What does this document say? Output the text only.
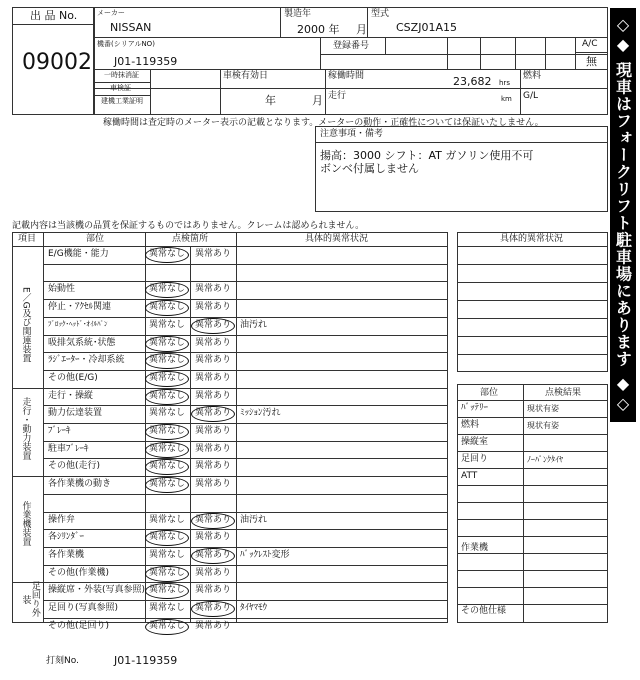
出 品 No.
09002
メーカー
NISSAN
製造年
2000 年 月
型式
CSZJ01A15
機番(シリアルNO)
J01-119359
登録番号	A/C
無
一時抹消証
車検証
建機工業証明
車検有効日
年	月
稼働時間	23,682 hrs
走行	km
燃料
G/L
稼働時間は査定時のメーター表示の記載となります。メーターの動作・正確性については保証いたしません。
注意事項・備考
揚高：3000 シフト：AT ガソリン使用不可
ボンベ付属しません
記載内容は当該機の品質を保証するものではありません。クレームは認められません。	◇◆ 現車はフォークリフト駐車場にあります ◆◇
項目	部位	点検箇所	具体的異常状況
E／G及び関連装置
走行・動力装置
作業機装置
足回り外装
E/G機能・能力	異常なし 異常あり
始動性	異常なし 異常あり
停止・ｱｸｾﾙ関連	異常なし 異常あり
ﾌﾞﾛｯｸ･ﾍｯﾄﾞ･ｵｲﾙﾊﾟﾝ	異常なし 異常あり 油汚れ
吸排気系統･状態	異常なし 異常あり
ﾗｼﾞｴｰﾀｰ・冷却系統	異常なし 異常あり
その他(E/G)	異常なし 異常あり
走行・操縦	異常なし 異常あり
動力伝達装置	異常なし 異常あり ﾐｯｼｮﾝ汚れ
ﾌﾞﾚｰｷ	異常なし 異常あり
駐車ﾌﾞﾚｰｷ	異常なし 異常あり
その他(走行)	異常なし 異常あり
各作業機の動き	異常なし 異常あり
操作弁	異常なし 異常あり 油汚れ
各ｼﾘﾝﾀﾞｰ	異常なし 異常あり
各作業機	異常なし 異常あり ﾊﾞｯｸﾚｽﾄ変形
その他(作業機)	異常なし 異常あり
操縦席・外装(写真参照) 異常なし 異常あり
足回り(写真参照)	異常なし 異常あり ﾀｲﾔﾏﾓｳ
その他(足回り)	異常なし 異常あり
具体的異常状況
部位	点検結果
ﾊﾞｯﾃﾘｰ	現状有姿
燃料	現状有姿
操縦室
足回り	ﾉｰﾊﾟﾝｸﾀｲﾔ
ATT
作業機
その他仕様
打刻No.	J01-119359
